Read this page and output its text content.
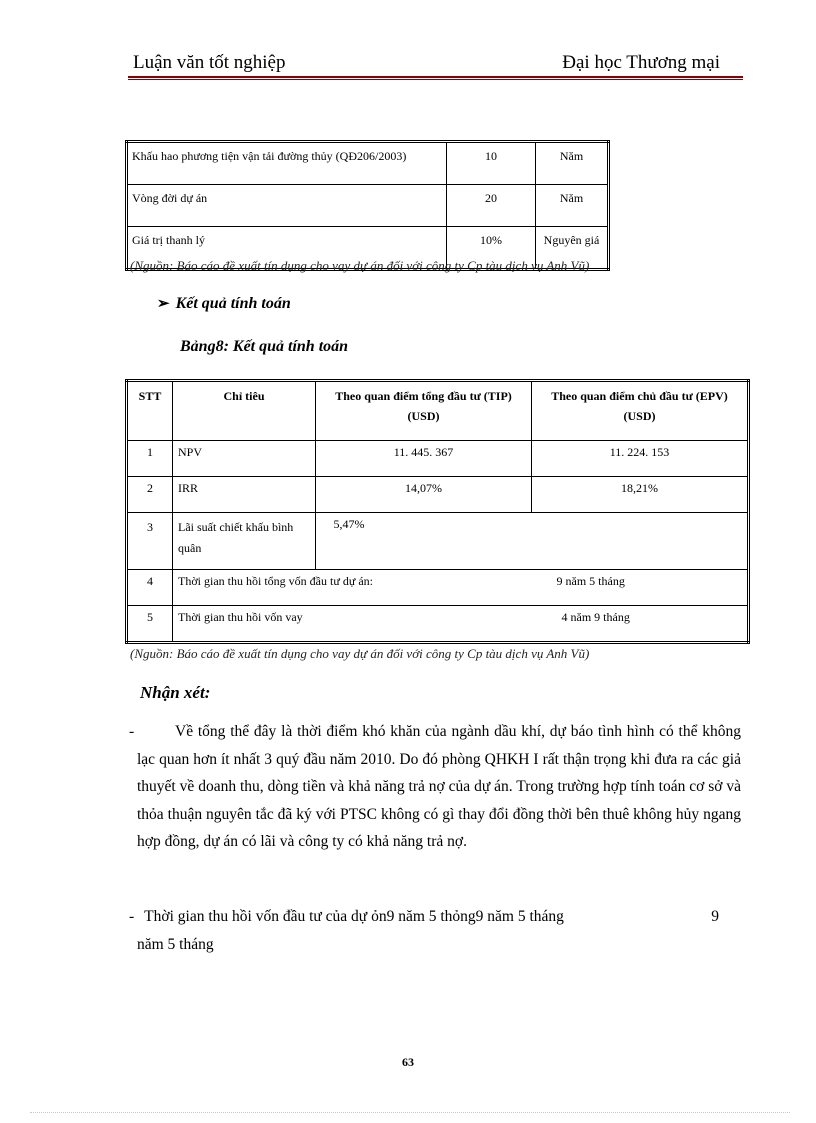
Luận văn tốt nghiệp	Đại học Thương mại
Khấu hao phương tiện vận tải đường thủy (QĐ206/2003)	10	Năm
Vòng đời dự án	20	Năm
Giá trị thanh lý	10%	Nguyên giá
(Nguồn: Báo cáo đề xuất tín dụng cho vay dự án đối với công ty Cp tàu dịch vụ Anh Vũ)
➢ Kết quả tính toán
Bảng8: Kết quả tính toán
STT	Chỉ tiêu	Theo quan điểm tổng đầu tư (TIP) (USD)	Theo quan điểm chủ đầu tư (EPV) (USD)
1	NPV	11. 445. 367	11. 224. 153
2	IRR	14,07%	18,21%
3	Lãi suất chiết khấu bình quân	5,47%	
4	Thời gian thu hồi tổng vốn đầu tư dự án: 9 năm 5 tháng		

5	Thời gian thu hồi vốn vay 4 năm 9 tháng		
(Nguồn: Báo cáo đề xuất tín dụng cho vay dự án đối với công ty Cp tàu dịch vụ Anh Vũ)
Nhận xét:
-	Về tổng thể đây là thời điểm khó khăn của ngành dầu khí, dự báo tình hình có thể không lạc quan hơn ít nhất 3 quý đầu năm 2010. Do đó phòng QHKH I rất thận trọng khi đưa ra các giả thuyết về doanh thu, dòng tiền và khả năng trả nợ của dự án. Trong trường hợp tính toán cơ sở và thỏa thuận nguyên tắc đã ký với PTSC không có gì thay đổi đồng thời bên thuê không hủy ngang hợp đồng, dự án có lãi và công ty có khả năng trả nợ.
- Thời gian thu hồi vốn đầu tư của dự ỏn9 năm 5 thỏng9 năm 5 tháng	9
năm 5 tháng
63
